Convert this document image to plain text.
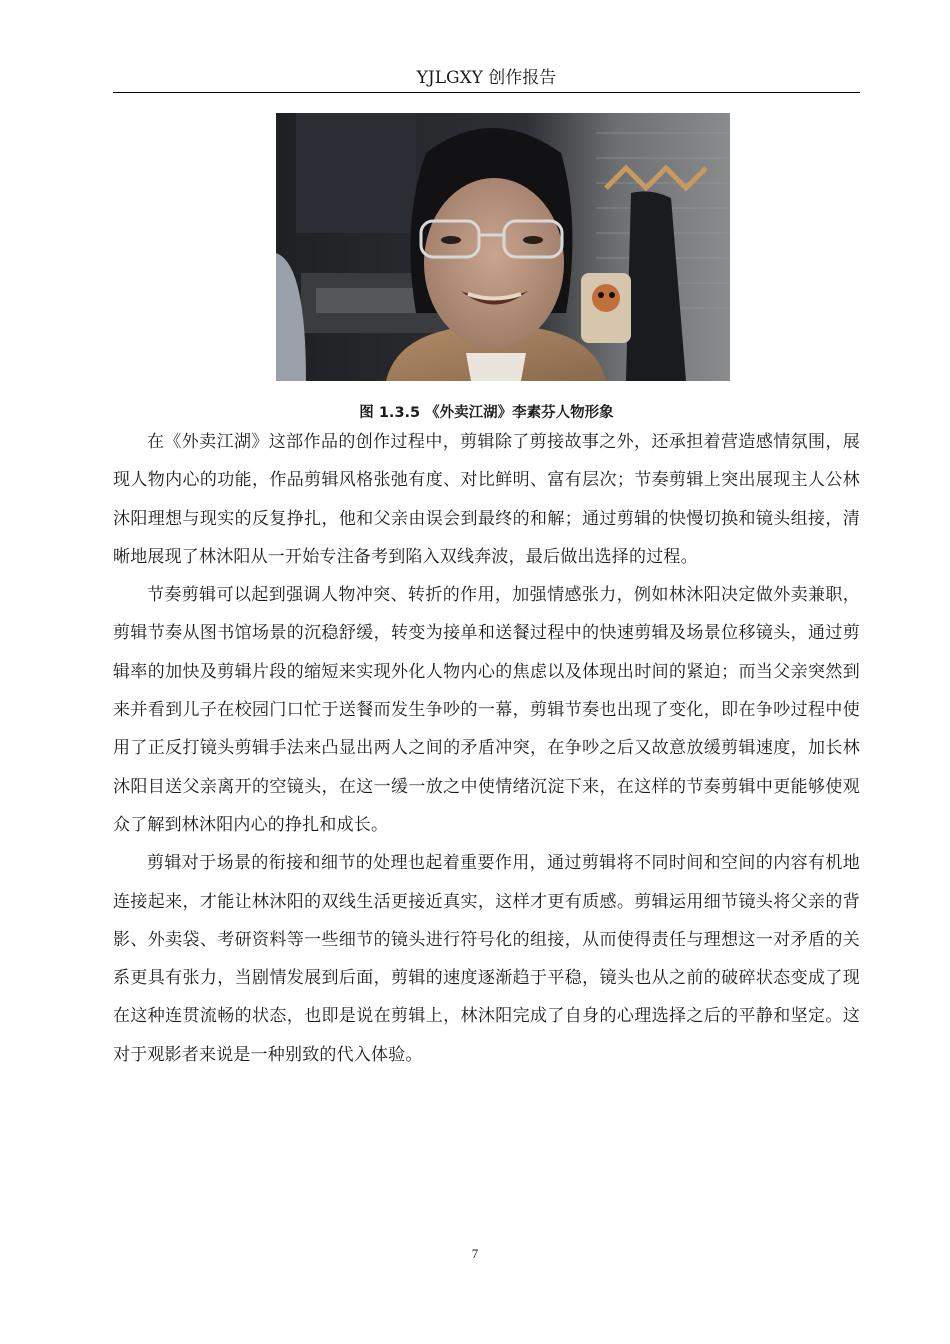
YJLGXY 创作报告
图 1.3.5 《外卖江湖》李素芬人物形象

在《外卖江湖》这部作品的创作过程中，剪辑除了剪接故事之外，还承担着营造感情氛围，展现人物内心的功能，作品剪辑风格张弛有度、对比鲜明、富有层次；节奏剪辑上突出展现主人公林沐阳理想与现实的反复挣扎，他和父亲由误会到最终的和解；通过剪辑的快慢切换和镜头组接，清晰地展现了林沐阳从一开始专注备考到陷入双线奔波，最后做出选择的过程。

节奏剪辑可以起到强调人物冲突、转折的作用，加强情感张力，例如林沐阳决定做外卖兼职，剪辑节奏从图书馆场景的沉稳舒缓，转变为接单和送餐过程中的快速剪辑及场景位移镜头，通过剪辑率的加快及剪辑片段的缩短来实现外化人物内心的焦虑以及体现出时间的紧迫；而当父亲突然到来并看到儿子在校园门口忙于送餐而发生争吵的一幕，剪辑节奏也出现了变化，即在争吵过程中使用了正反打镜头剪辑手法来凸显出两人之间的矛盾冲突，在争吵之后又故意放缓剪辑速度，加长林沐阳目送父亲离开的空镜头，在这一缓一放之中使情绪沉淀下来，在这样的节奏剪辑中更能够使观众了解到林沐阳内心的挣扎和成长。

剪辑对于场景的衔接和细节的处理也起着重要作用，通过剪辑将不同时间和空间的内容有机地连接起来，才能让林沐阳的双线生活更接近真实，这样才更有质感。剪辑运用细节镜头将父亲的背影、外卖袋、考研资料等一些细节的镜头进行符号化的组接，从而使得责任与理想这一对矛盾的关系更具有张力，当剧情发展到后面，剪辑的速度逐渐趋于平稳，镜头也从之前的破碎状态变成了现在这种连贯流畅的状态，也即是说在剪辑上，林沐阳完成了自身的心理选择之后的平静和坚定。这对于观影者来说是一种别致的代入体验。

7
